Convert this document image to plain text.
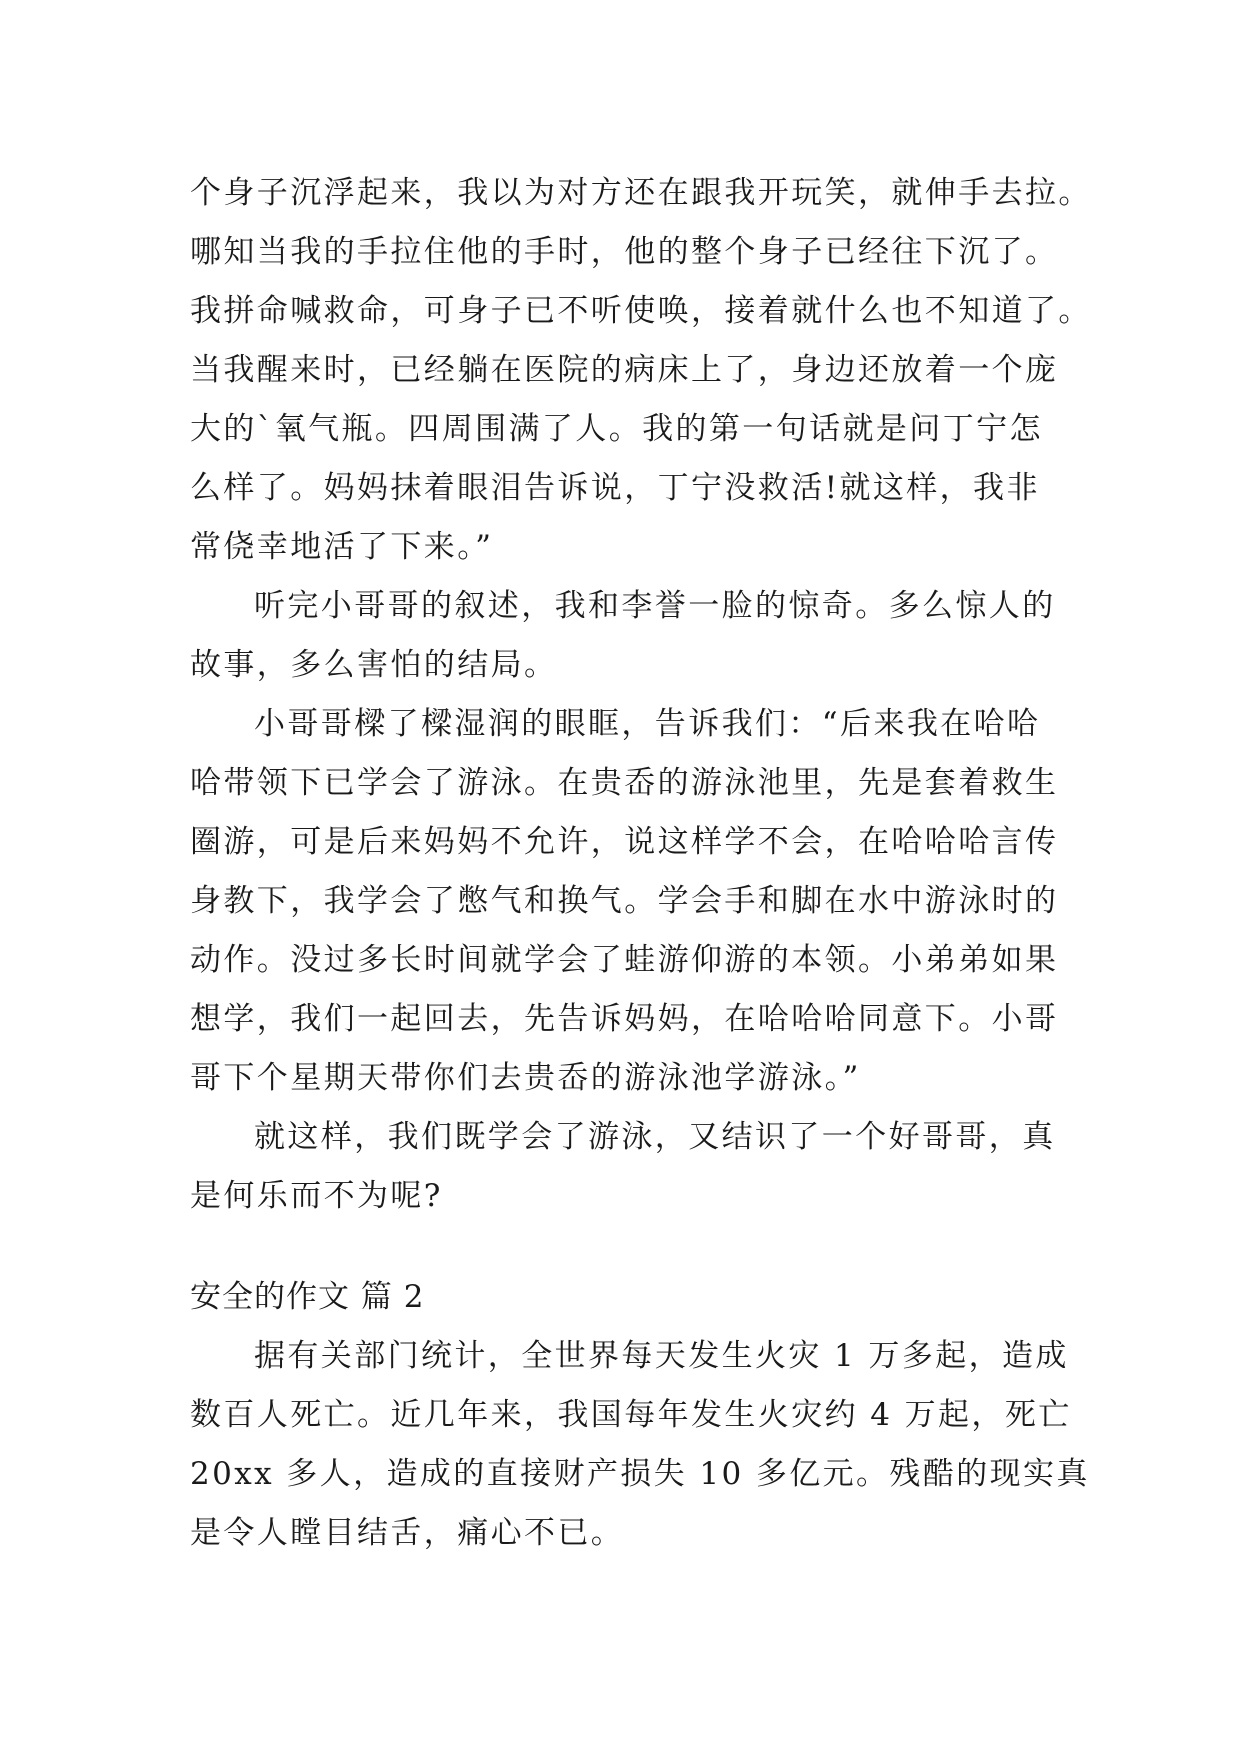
个身子沉浮起来，我以为对方还在跟我开玩笑，就伸手去拉。
哪知当我的手拉住他的手时，他的整个身子已经往下沉了。
我拼命喊救命，可身子已不听使唤，接着就什么也不知道了。
当我醒来时，已经躺在医院的病床上了，身边还放着一个庞
大的`氧气瓶。四周围满了人。我的第一句话就是问丁宁怎
么样了。妈妈抹着眼泪告诉说，丁宁没救活!就这样，我非
常侥幸地活了下来。”
听完小哥哥的叙述，我和李誉一脸的惊奇。多么惊人的
故事，多么害怕的结局。
小哥哥樑了樑湿润的眼眶，告诉我们：“后来我在哈哈
哈带领下已学会了游泳。在贵岙的游泳池里，先是套着救生
圈游，可是后来妈妈不允许，说这样学不会，在哈哈哈言传
身教下，我学会了憋气和换气。学会手和脚在水中游泳时的
动作。没过多长时间就学会了蛙游仰游的本领。小弟弟如果
想学，我们一起回去，先告诉妈妈，在哈哈哈同意下。小哥
哥下个星期天带你们去贵岙的游泳池学游泳。”
就这样，我们既学会了游泳，又结识了一个好哥哥，真
是何乐而不为呢?
安全的作文 篇 2
据有关部门统计，全世界每天发生火灾 1 万多起，造成
数百人死亡。近几年来，我国每年发生火灾约 4 万起，死亡
20xx 多人，造成的直接财产损失 10 多亿元。残酷的现实真
是令人瞠目结舌，痛心不已。
